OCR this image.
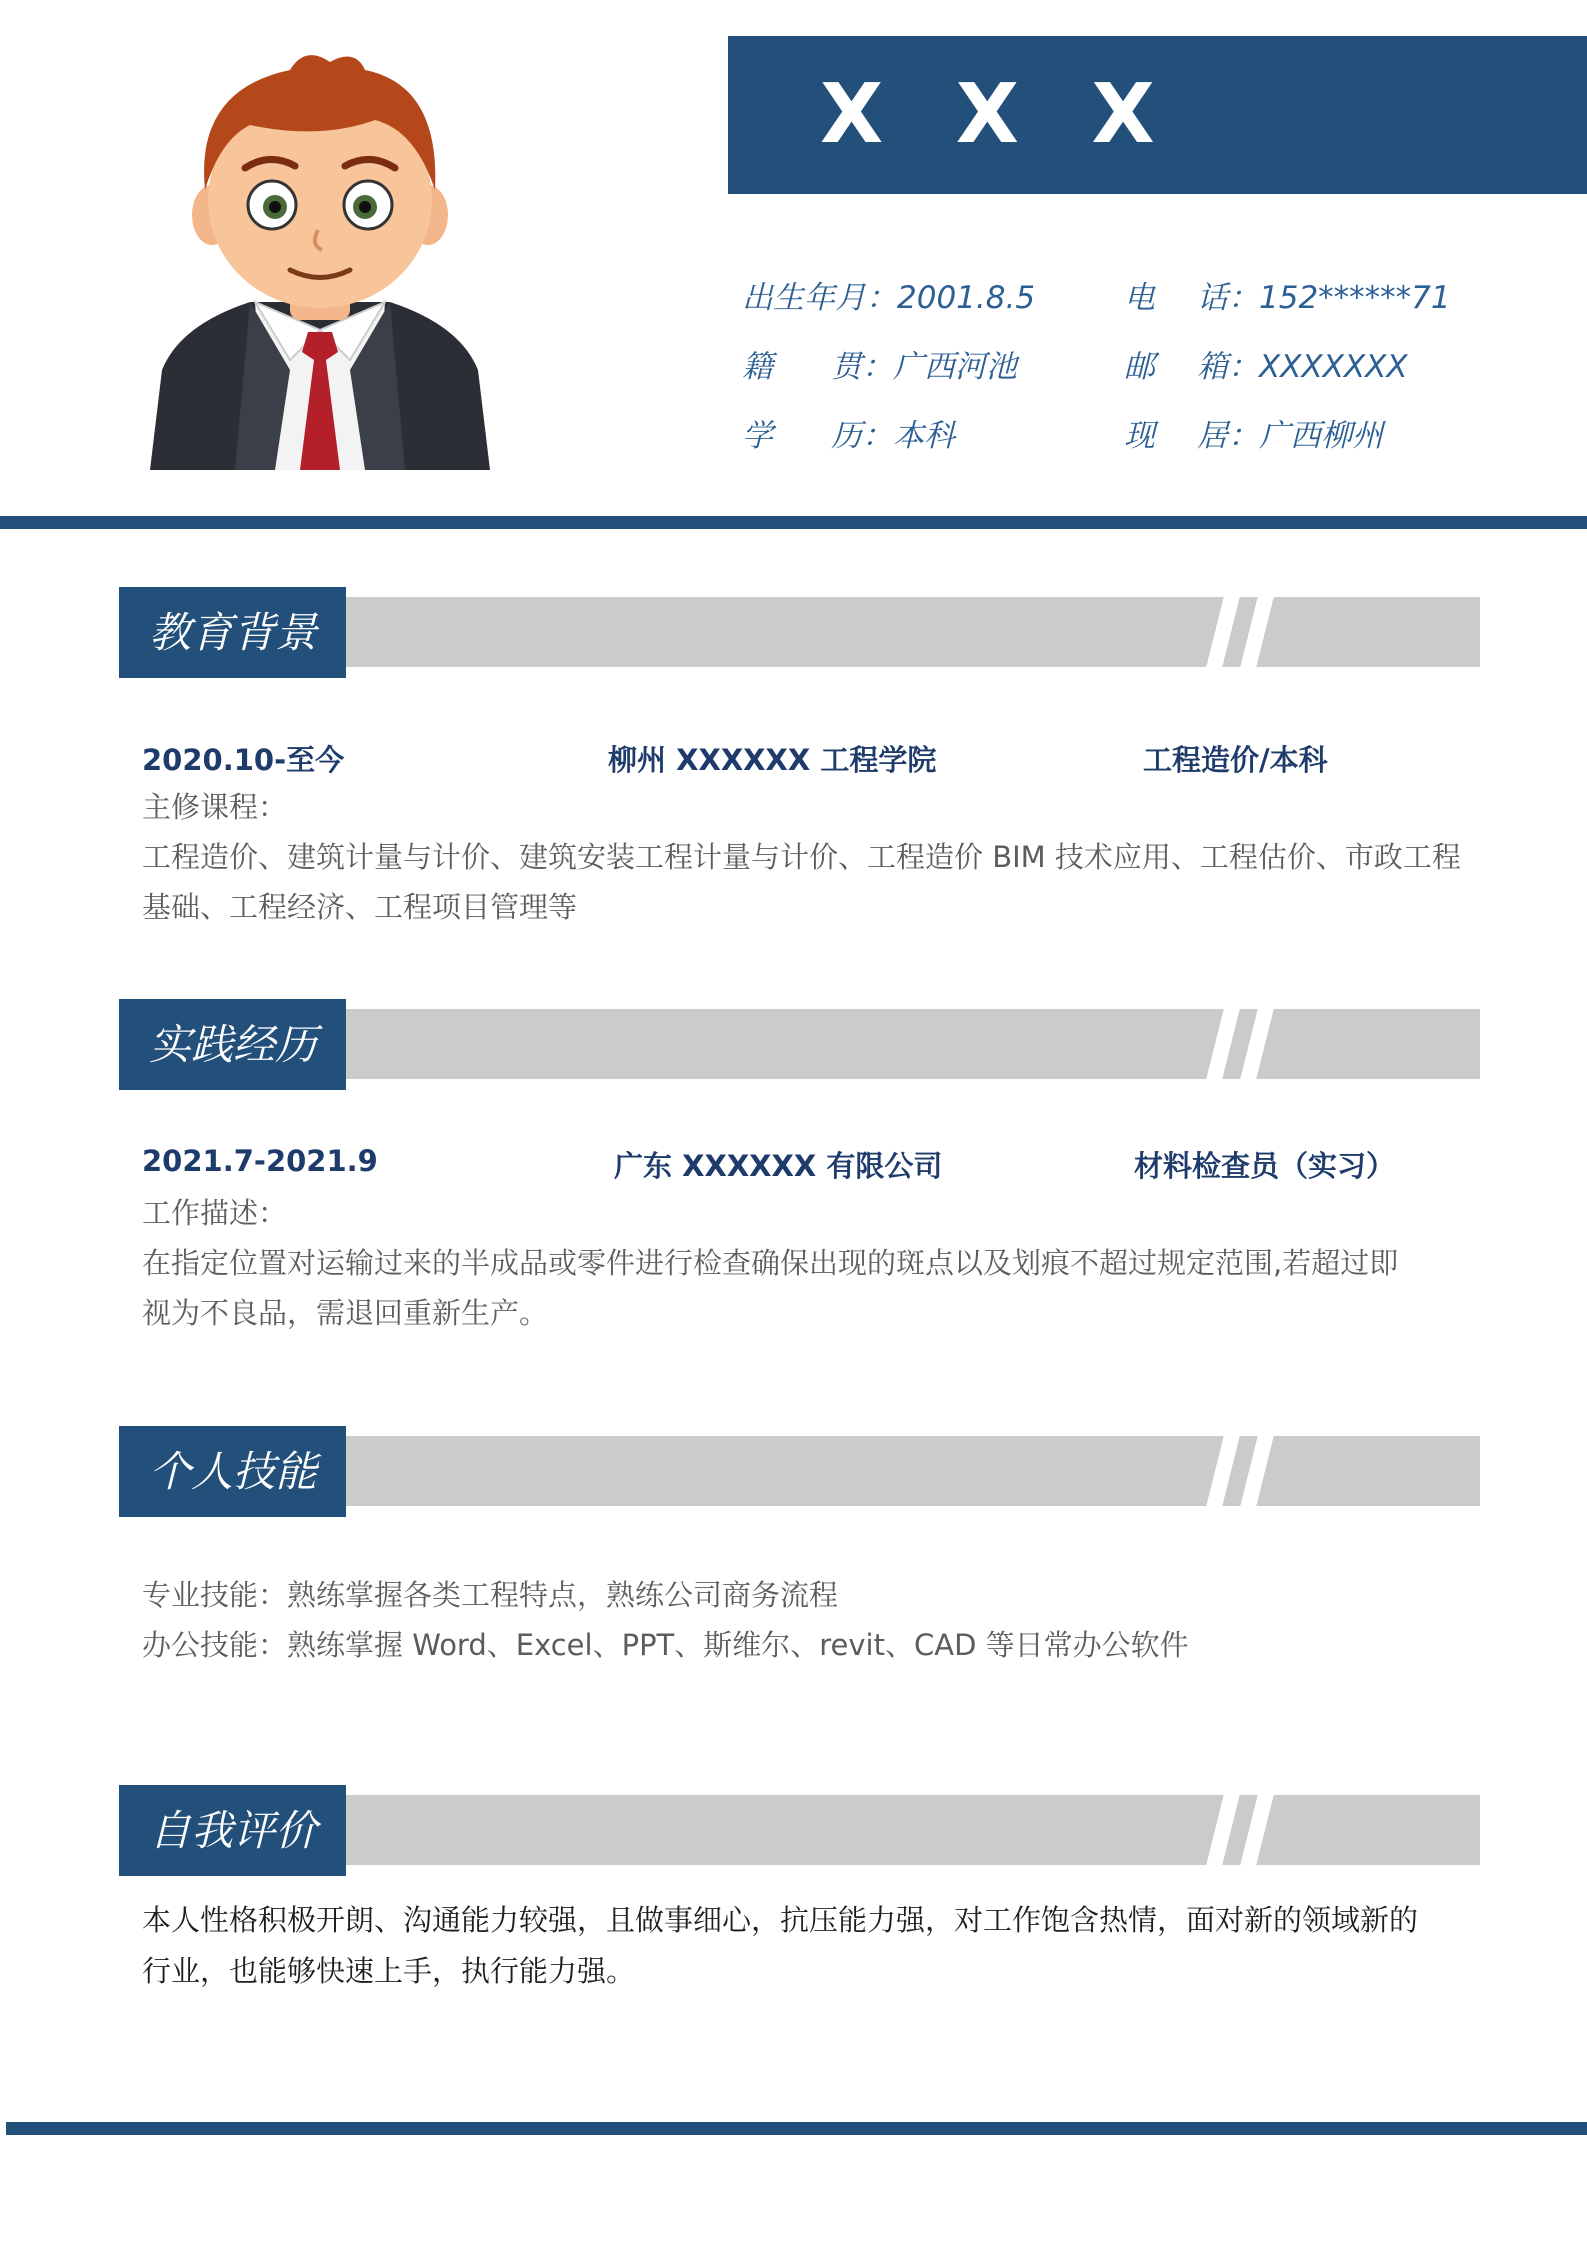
X X X
出生年月：2001.8.5	电 话：152******71
籍 贯：广西河池	邮 箱：XXXXXXX
学 历：本科	现 居：广西柳州
教育背景
2020.10-至今	柳州 XXXXXX 工程学院	工程造价/本科
主修课程：
工程造价、建筑计量与计价、建筑安装工程计量与计价、工程造价 BIM 技术应用、工程估价、市政工程
基础、工程经济、工程项目管理等
实践经历
2021.7-2021.9	广东 XXXXXX 有限公司	材料检查员（实习）
工作描述：
在指定位置对运输过来的半成品或零件进行检查确保出现的斑点以及划痕不超过规定范围,若超过即
视为不良品，需退回重新生产。
个人技能
专业技能：熟练掌握各类工程特点，熟练公司商务流程
办公技能：熟练掌握 Word、Excel、PPT、斯维尔、revit、CAD 等日常办公软件
自我评价
本人性格积极开朗、沟通能力较强，且做事细心，抗压能力强，对工作饱含热情，面对新的领域新的
行业，也能够快速上手，执行能力强。
